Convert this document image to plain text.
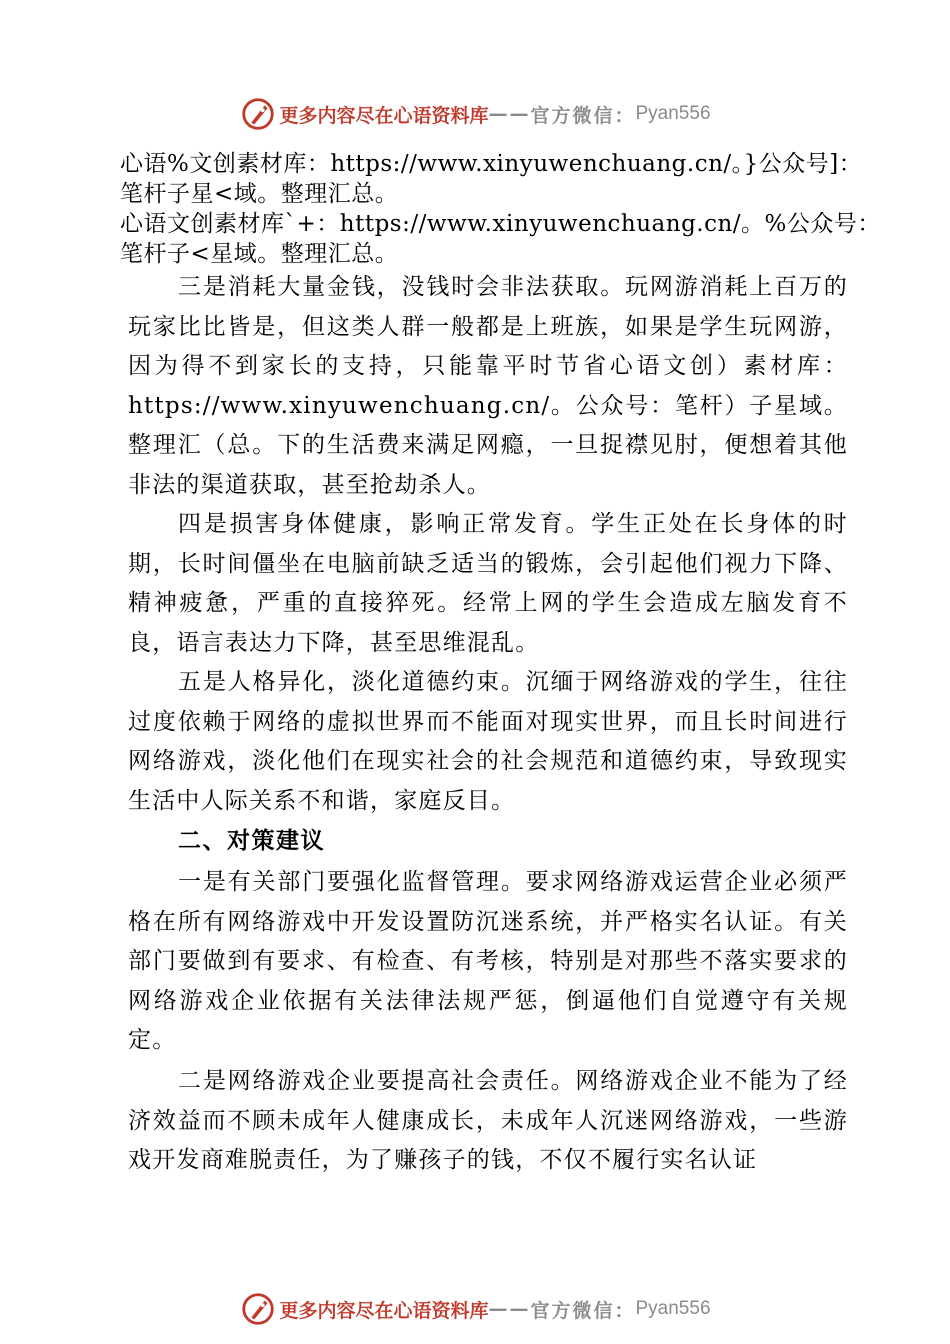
更多内容尽在心语资料库 —— 官方微信： Pyan556
心语%文创素材库：https://www.xinyuwenchuang.cn/。}公众号]：
笔杆子星<域。整理汇总。
心语文创素材库`+：https://www.xinyuwenchuang.cn/。%公众号：
笔杆子<星域。整理汇总。

三是消耗大量金钱，没钱时会非法获取。玩网游消耗上百万的玩家比比皆是，但这类人群一般都是上班族，如果是学生玩网游，因为得不到家长的支持，只能靠平时节省心语文创）素材库：https://www.xinyuwenchuang.cn/。公众号：笔杆）子星域。整理汇（总。下的生活费来满足网瘾，一旦捉襟见肘，便想着其他非法的渠道获取，甚至抢劫杀人。

四是损害身体健康，影响正常发育。学生正处在长身体的时期，长时间僵坐在电脑前缺乏适当的锻炼，会引起他们视力下降、精神疲惫，严重的直接猝死。经常上网的学生会造成左脑发育不良，语言表达力下降，甚至思维混乱。

五是人格异化，淡化道德约束。沉缅于网络游戏的学生，往往过度依赖于网络的虚拟世界而不能面对现实世界，而且长时间进行网络游戏，淡化他们在现实社会的社会规范和道德约束，导致现实生活中人际关系不和谐，家庭反目。

二、对策建议

一是有关部门要强化监督管理。要求网络游戏运营企业必须严格在所有网络游戏中开发设置防沉迷系统，并严格实名认证。有关部门要做到有要求、有检查、有考核，特别是对那些不落实要求的网络游戏企业依据有关法律法规严惩，倒逼他们自觉遵守有关规定。

二是网络游戏企业要提高社会责任。网络游戏企业不能为了经济效益而不顾未成年人健康成长，未成年人沉迷网络游戏，一些游戏开发商难脱责任，为了赚孩子的钱，不仅不履行实名认证

更多内容尽在心语资料库 —— 官方微信： Pyan556
